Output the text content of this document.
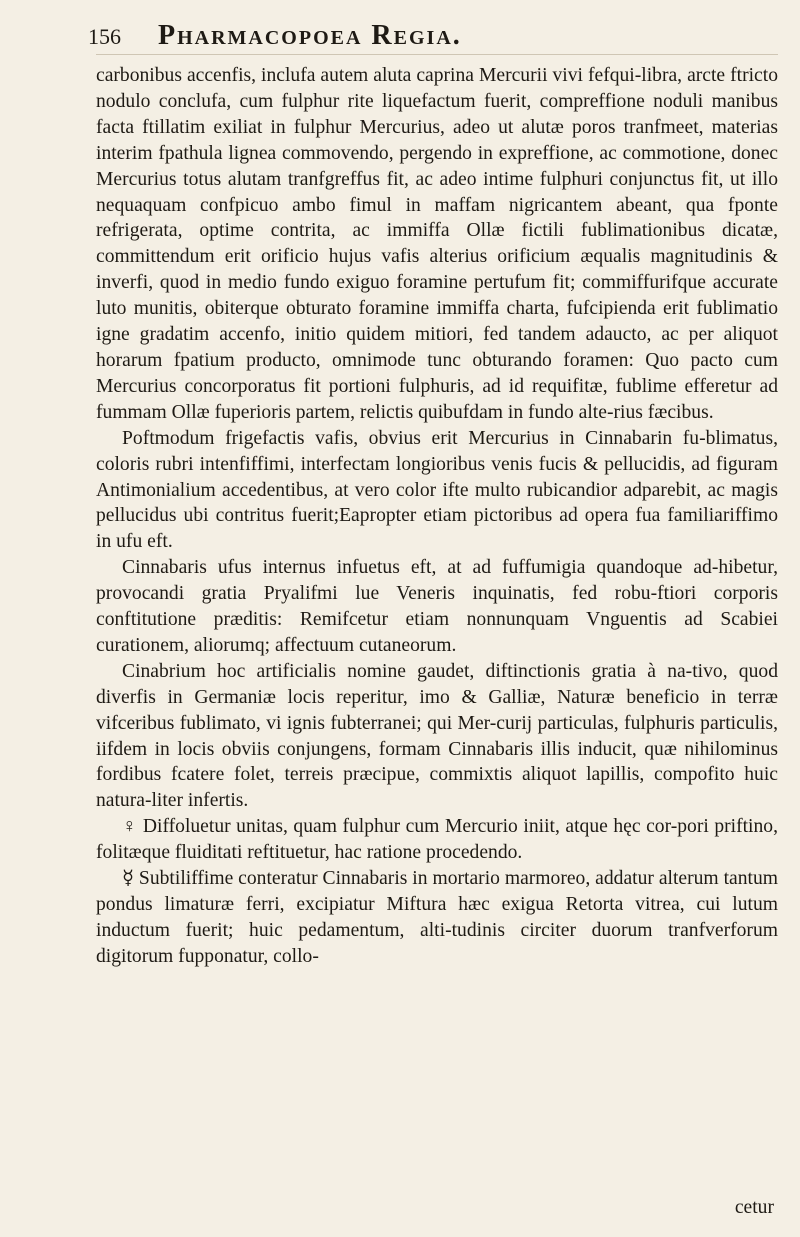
156	Pharmacopoea Regia.

carbonibus accenfis, inclufa autem aluta caprina Mercurii vivi fefqui-libra, arcte ftricto nodulo conclufa, cum fulphur rite liquefactum fuerit, compreffione noduli manibus facta ftillatim exiliat in fulphur Mercurius, adeo ut alutæ poros tranfmeet, materias interim fpathula lignea commovendo, pergendo in expreffione, ac commotione, donec Mercurius totus alutam tranfgreffus fit, ac adeo intime fulphuri conjunctus fit, ut illo nequaquam confpicuo ambo fimul in maffam nigricantem abeant, qua fponte refrigerata, optime contrita, ac immiffa Ollæ fictili fublimationibus dicatæ, committendum erit orificio hujus vafis alterius orificium æqualis magnitudinis & inverfi, quod in medio fundo exiguo foramine pertufum fit; commiffurifque accurate luto munitis, obiterque obturato foramine immiffa charta, fufcipienda erit fublimatio igne gradatim accenfo, initio quidem mitiori, fed tandem adaucto, ac per aliquot horarum fpatium producto, omnimode tunc obturando foramen: Quo pacto cum Mercurius concorporatus fit portioni fulphuris, ad id requifitæ, fublime efferetur ad fummam Ollæ fuperioris partem, relictis quibufdam in fundo alte-rius fæcibus.

Poftmodum frigefactis vafis, obvius erit Mercurius in Cinnabarin fu-blimatus, coloris rubri intenfiffimi, interfectam longioribus venis fucis & pellucidis, ad figuram Antimonialium accedentibus, at vero color ifte multo rubicandior adparebit, ac magis pellucidus ubi contritus fuerit;Eapropter etiam pictoribus ad opera fua familiariffimo in ufu eft.

Cinnabaris ufus internus infuetus eft, at ad fuffumigia quandoque ad-hibetur, provocandi gratia Pryalifmi lue Veneris inquinatis, fed robu-ftiori corporis conftitutione præditis: Remifcetur etiam nonnunquam Vnguentis ad Scabiei curationem, aliorumq; affectuum cutaneorum.

Cinabrium hoc artificialis nomine gaudet, diftinctionis gratia à na-tivo, quod diverfis in Germaniæ locis reperitur, imo & Galliæ, Naturæ beneficio in terræ vifceribus fublimato, vi ignis fubterranei; qui Mer-curij particulas, fulphuris particulis, iifdem in locis obviis conjungens, formam Cinnabaris illis inducit, quæ nihilominus fordibus fcatere folet, terreis præcipue, commixtis aliquot lapillis, compofito huic natura-liter infertis.

♀ Diffoluetur unitas, quam fulphur cum Mercurio iniit, atque hęc cor-pori priftino, folitæque fluiditati reftituetur, hac ratione procedendo.

☿ Subtiliffime conteratur Cinnabaris in mortario marmoreo, addatur alterum tantum pondus limaturæ ferri, excipiatur Miftura hæc exigua Retorta vitrea, cui lutum inductum fuerit; huic pedamentum, alti-tudinis circiter duorum tranfverforum digitorum fupponatur, collo-

cetur
